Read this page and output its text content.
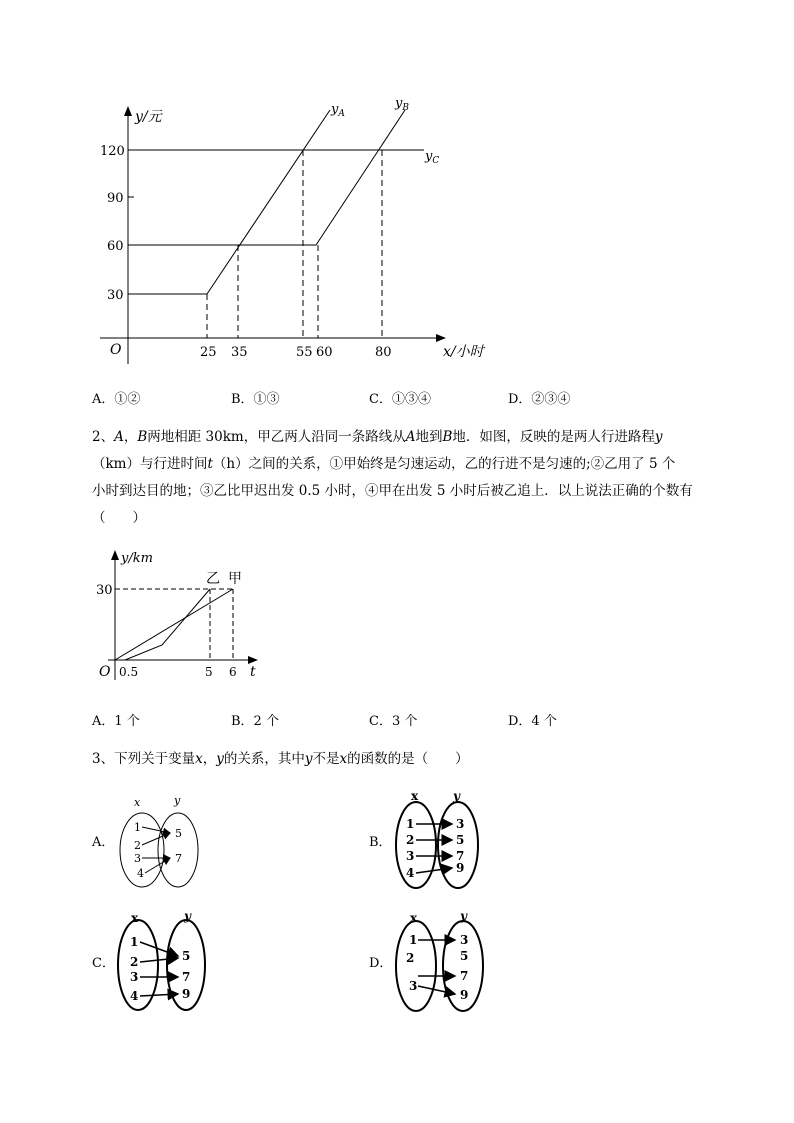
y/元
x/小时
O
120
90
60
30
25 35	55 60	80
$y_A$
$y_B$
$y_C$
A．①②	B．①③	C．①③④	D．②③④
2、A，B两地相距 30km，甲乙两人沿同一条路线从A地到B地．如图，反映的是两人行进路程y
（km）与行进时间t（h）之间的关系，①甲始终是匀速运动，乙的行进不是匀速的;②乙用了 5 个
小时到达目的地；③乙比甲迟出发 0.5 小时，④甲在出发 5 小时后被乙追上．以上说法正确的个数有
（　　）
y/km
t
O
30
0.5	5 6
乙 甲
A．1 个	B．2 个	C．3 个	D．4 个
3、下列关于变量x，y的关系，其中y不是x的函数的是（　　）
A．
x	y
1
2
3
4
5
7
B．
x	y
1
2
3
4
3
5
7
9
C．
x	y
1
2
3
4
5
7
9
D．
x	y
1
2
3
3
5
7
9
